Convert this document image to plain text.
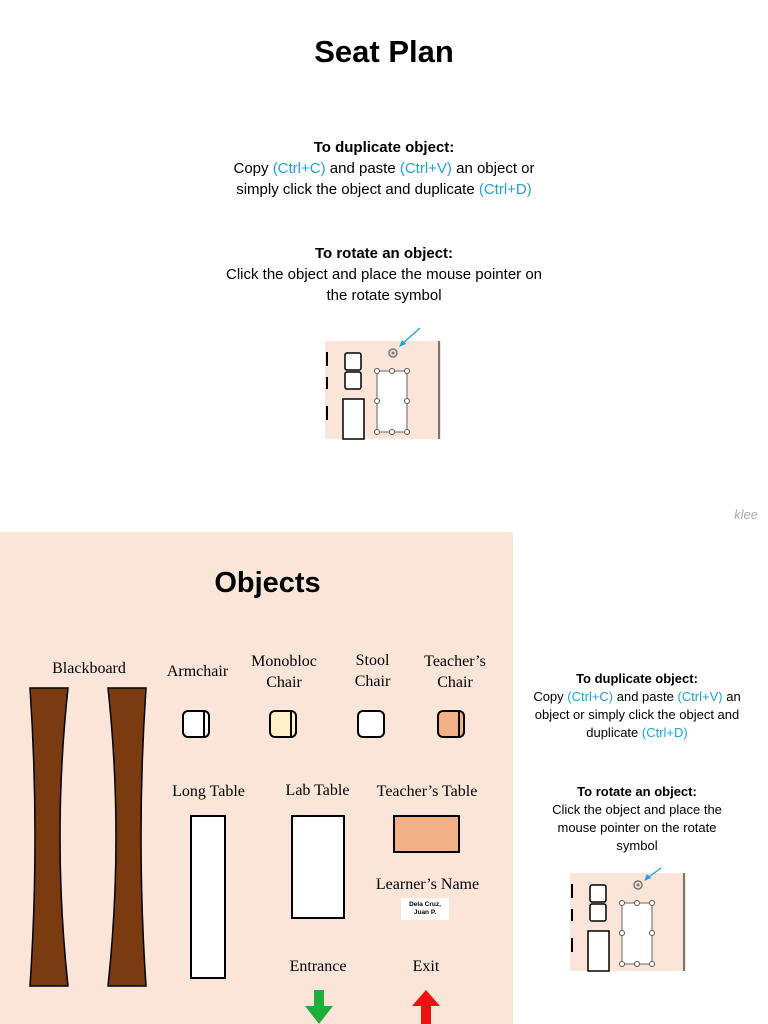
Seat Plan
To duplicate object:
Copy (Ctrl+C) and paste (Ctrl+V) an object or
simply click the object and duplicate (Ctrl+D)
To rotate an object:
Click the object and place the mouse pointer on
the rotate symbol
klee
Objects
Blackboard	Armchair
Monobloc
Chair
Stool
Chair
Teacher’s
Chair
Long Table	Lab Table	Teacher’s Table
Learner’s Name
Dela Cruz,
Juan P.
Entrance	Exit
To duplicate object:
Copy (Ctrl+C) and paste (Ctrl+V) an
object or simply click the object and
duplicate (Ctrl+D)
To rotate an object:
Click the object and place the
mouse pointer on the rotate
symbol
